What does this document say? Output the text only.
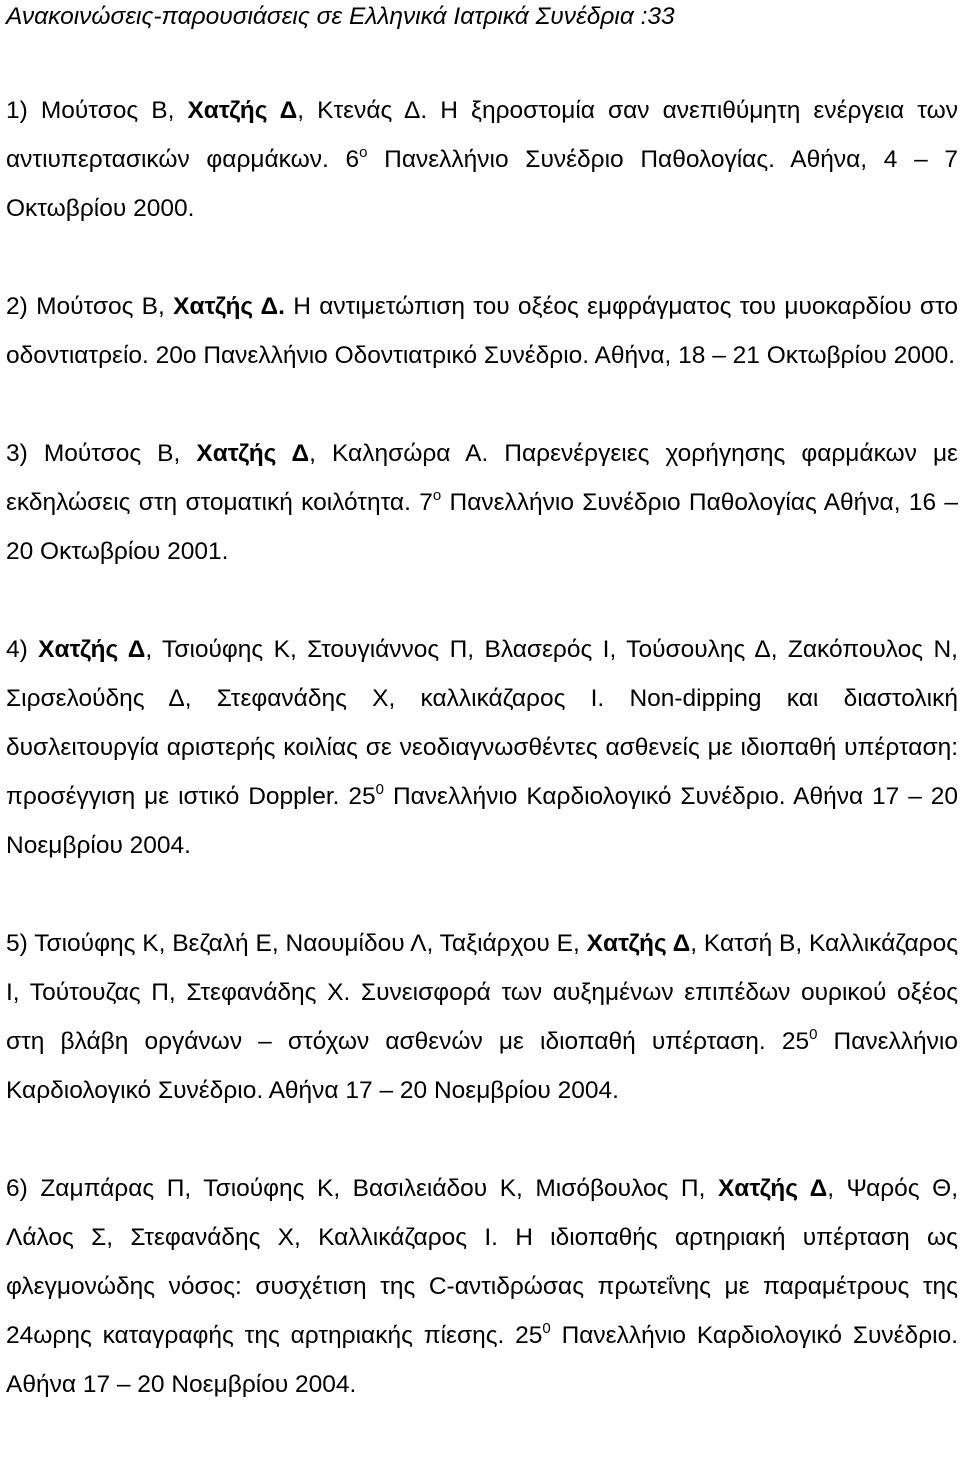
Ανακοινώσεις-παρουσιάσεις σε Ελληνικά Ιατρικά Συνέδρια :33

1) Μούτσος Β, Χατζής Δ, Κτενάς Δ. Η ξηροστομία σαν ανεπιθύμητη ενέργεια των αντιυπερτασικών φαρμάκων. $6^o$ Πανελλήνιο Συνέδριο Παθολογίας. Αθήνα, 4 – 7 Οκτωβρίου 2000.

2) Μούτσος Β, Χατζής Δ. Η αντιμετώπιση του οξέος εμφράγματος του μυοκαρδίου στο οδοντιατρείο. 20ο Πανελλήνιο Οδοντιατρικό Συνέδριο. Αθήνα, 18 – 21 Οκτωβρίου 2000.

3) Μούτσος Β, Χατζής Δ, Καλησώρα Α. Παρενέργειες χορήγησης φαρμάκων με εκδηλώσεις στη στοματική κοιλότητα. $7^o$ Πανελλήνιο Συνέδριο Παθολογίας Αθήνα, 16 – 20 Οκτωβρίου 2001.

4) Χατζής Δ, Τσιούφης Κ, Στουγιάννος Π, Βλασερός Ι, Τούσουλης Δ, Ζακόπουλος Ν, Σιρσελούδης Δ, Στεφανάδης Χ, καλλικάζαρος Ι. Non-dipping και διαστολική δυσλειτουργία αριστερής κοιλίας σε νεοδιαγνωσθέντες ασθενείς με ιδιοπαθή υπέρταση: προσέγγιση με ιστικό Doppler. $25^0$ Πανελλήνιο Καρδιολογικό Συνέδριο. Αθήνα 17 – 20 Νοεμβρίου 2004.

5) Τσιούφης Κ, Βεζαλή Ε, Ναουμίδου Λ, Ταξιάρχου Ε, Χατζής Δ, Κατσή Β, Καλλικάζαρος Ι, Τούτουζας Π, Στεφανάδης Χ. Συνεισφορά των αυξημένων επιπέδων ουρικού οξέος στη βλάβη οργάνων – στόχων ασθενών με ιδιοπαθή υπέρταση. $25^0$ Πανελλήνιο Καρδιολογικό Συνέδριο. Αθήνα 17 – 20 Νοεμβρίου 2004.

6) Ζαμπάρας Π, Τσιούφης Κ, Βασιλειάδου Κ, Μισόβουλος Π, Χατζής Δ, Ψαρός Θ, Λάλος Σ, Στεφανάδης Χ, Καλλικάζαρος Ι. Η ιδιοπαθής αρτηριακή υπέρταση ως φλεγμονώδης νόσος: συσχέτιση της C-αντιδρώσας πρωτεΐνης με παραμέτρους της 24ωρης καταγραφής της αρτηριακής πίεσης. $25^0$ Πανελλήνιο Καρδιολογικό Συνέδριο. Αθήνα 17 – 20 Νοεμβρίου 2004.
